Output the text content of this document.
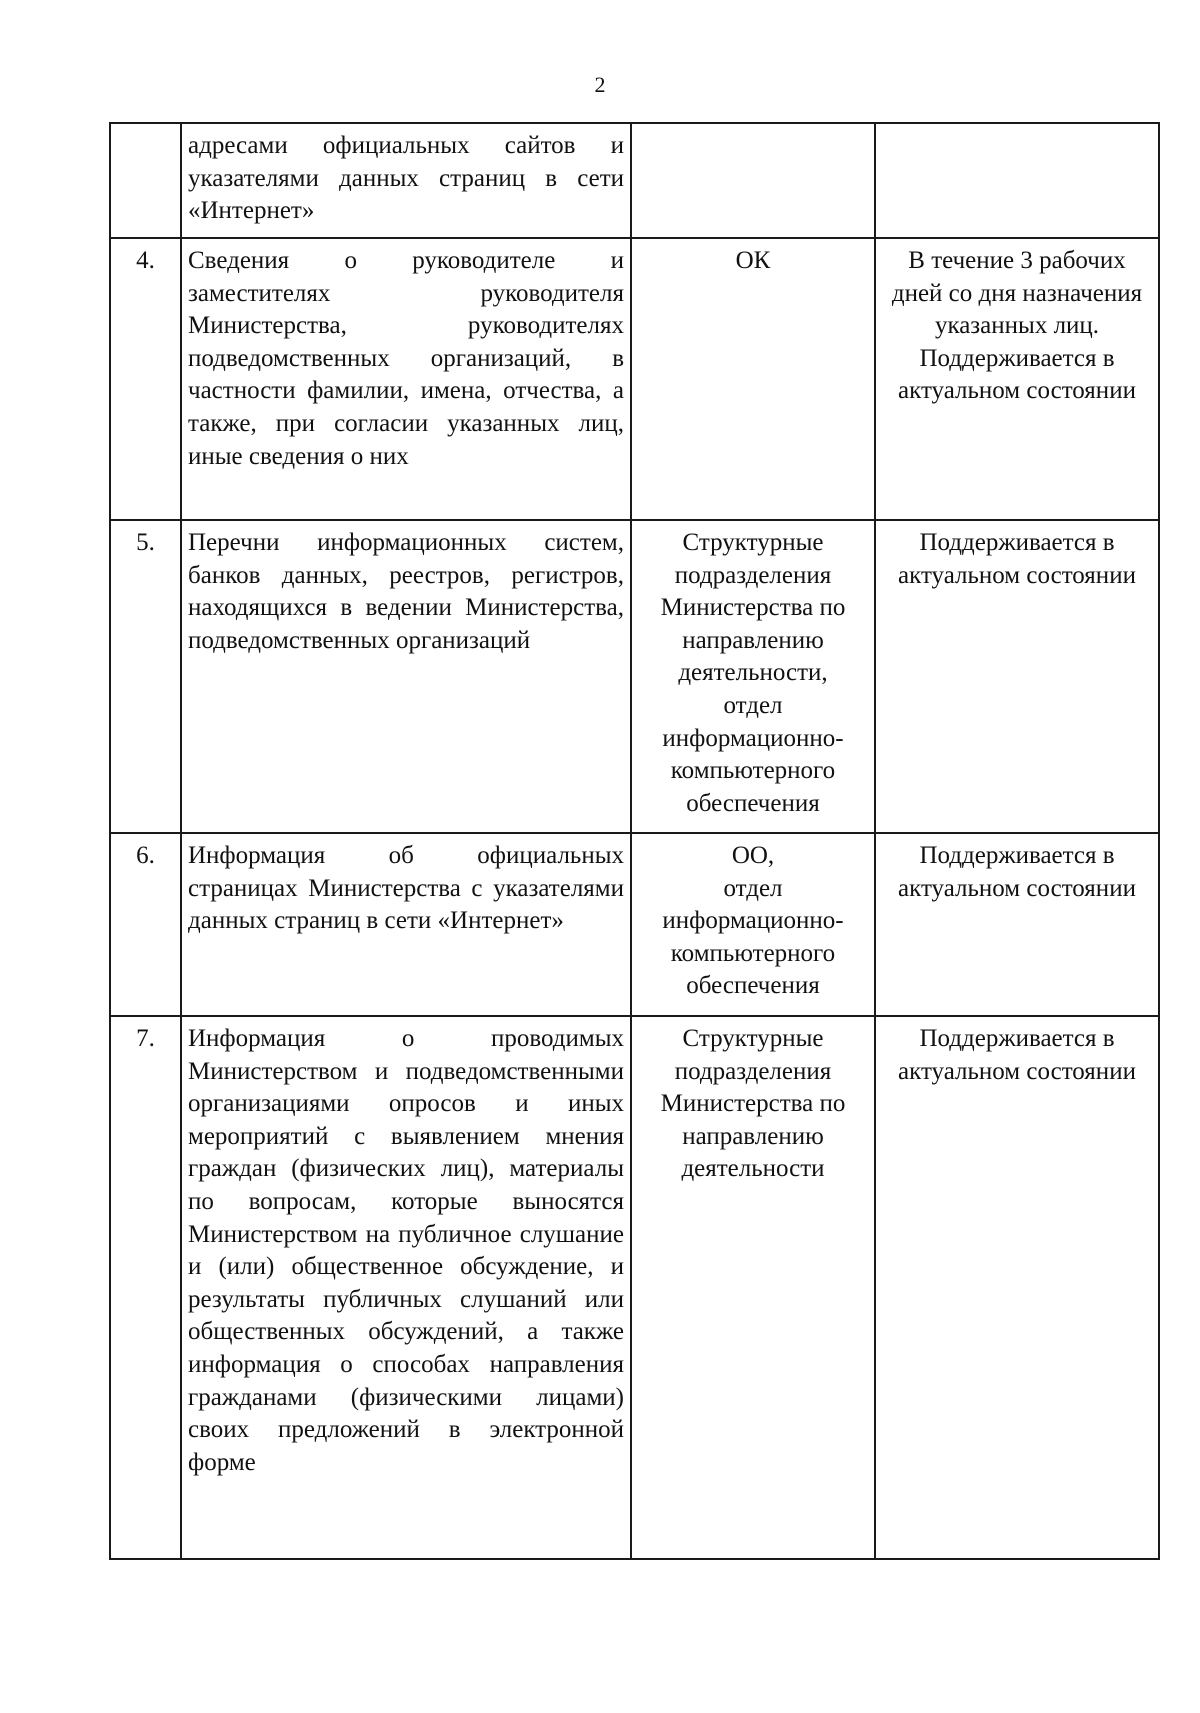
2

	адресами официальных сайтов и указателями данных страниц в сети «Интернет»		

4.	Сведения о руководителе и заместителях руководителя Министерства, руководителях подведомственных организаций, в частности фамилии, имена, отчества, а также, при согласии указанных лиц, иные сведения о них	ОК	В течение 3 рабочих дней со дня назначения указанных лиц.
Поддерживается в актуальном состоянии

5.	Перечни информационных систем, банков данных, реестров, регистров, находящихся в ведении Министерства, подведомственных организаций	Структурные подразделения Министерства по направлению деятельности,
отдел информационно-компьютерного обеспечения	Поддерживается в актуальном состоянии

6.	Информация об официальных страницах Министерства с указателями данных страниц в сети «Интернет»	ОО,
отдел информационно-компьютерного обеспечения	Поддерживается в актуальном состоянии

7.	Информация о проводимых Министерством и подведомственными организациями опросов и иных мероприятий с выявлением мнения граждан (физических лиц), материалы по вопросам, которые выносятся Министерством на публичное слушание и (или) общественное обсуждение, и результаты публичных слушаний или общественных обсуждений, а также информация о способах направления гражданами (физическими лицами) своих предложений в электронной форме	Структурные подразделения Министерства по направлению деятельности	Поддерживается в актуальном состоянии
